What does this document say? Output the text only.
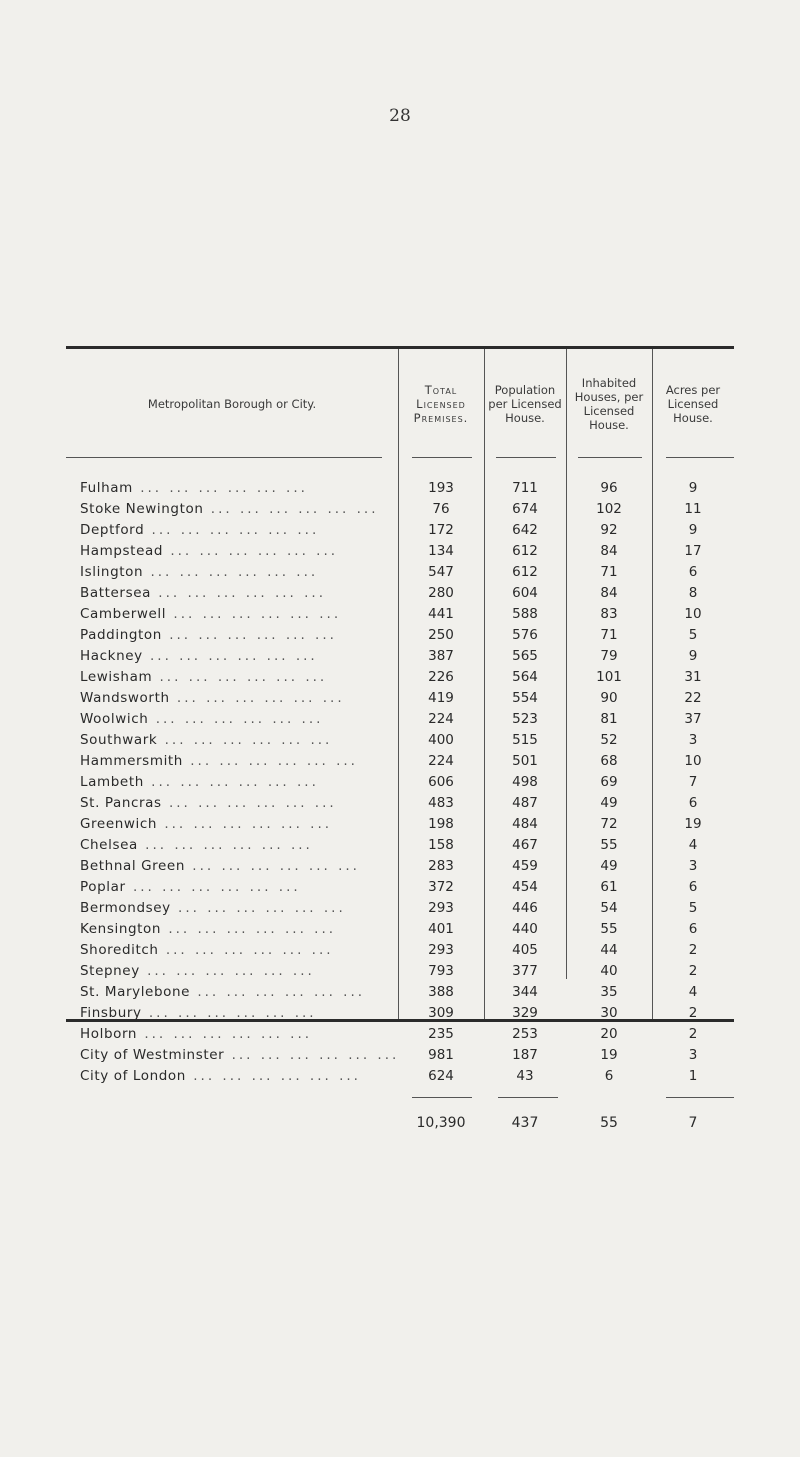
28
Metropolitan Borough or City.
Total Licensed Premises.
Population per Licensed House.
Inhabited Houses, per Licensed House.
Acres per Licensed House.
Fulham ... ... ... ... ... ...	193	711	96	9
Stoke Newington ... ... ... ... ... ...	76	674	102	11
Deptford ... ... ... ... ... ...	172	642	92	9
Hampstead ... ... ... ... ... ...	134	612	84	17
Islington ... ... ... ... ... ...	547	612	71	6
Battersea ... ... ... ... ... ...	280	604	84	8
Camberwell ... ... ... ... ... ...	441	588	83	10
Paddington ... ... ... ... ... ...	250	576	71	5
Hackney ... ... ... ... ... ...	387	565	79	9
Lewisham ... ... ... ... ... ...	226	564	101	31
Wandsworth ... ... ... ... ... ...	419	554	90	22
Woolwich ... ... ... ... ... ...	224	523	81	37
Southwark ... ... ... ... ... ...	400	515	52	3
Hammersmith ... ... ... ... ... ...	224	501	68	10
Lambeth ... ... ... ... ... ...	606	498	69	7
St. Pancras ... ... ... ... ... ...	483	487	49	6
Greenwich ... ... ... ... ... ...	198	484	72	19
Chelsea ... ... ... ... ... ...	158	467	55	4
Bethnal Green ... ... ... ... ... ...	283	459	49	3
Poplar ... ... ... ... ... ...	372	454	61	6
Bermondsey ... ... ... ... ... ...	293	446	54	5
Kensington ... ... ... ... ... ...	401	440	55	6
Shoreditch ... ... ... ... ... ...	293	405	44	2
Stepney ... ... ... ... ... ...	793	377	40	2
St. Marylebone ... ... ... ... ... ...	388	344	35	4
Finsbury ... ... ... ... ... ...	309	329	30	2
Holborn ... ... ... ... ... ...	235	253	20	2
City of Westminster ... ... ... ... ... ...	981	187	19	3
City of London ... ... ... ... ... ...	624	43	6	1
10,390	437	55	7
